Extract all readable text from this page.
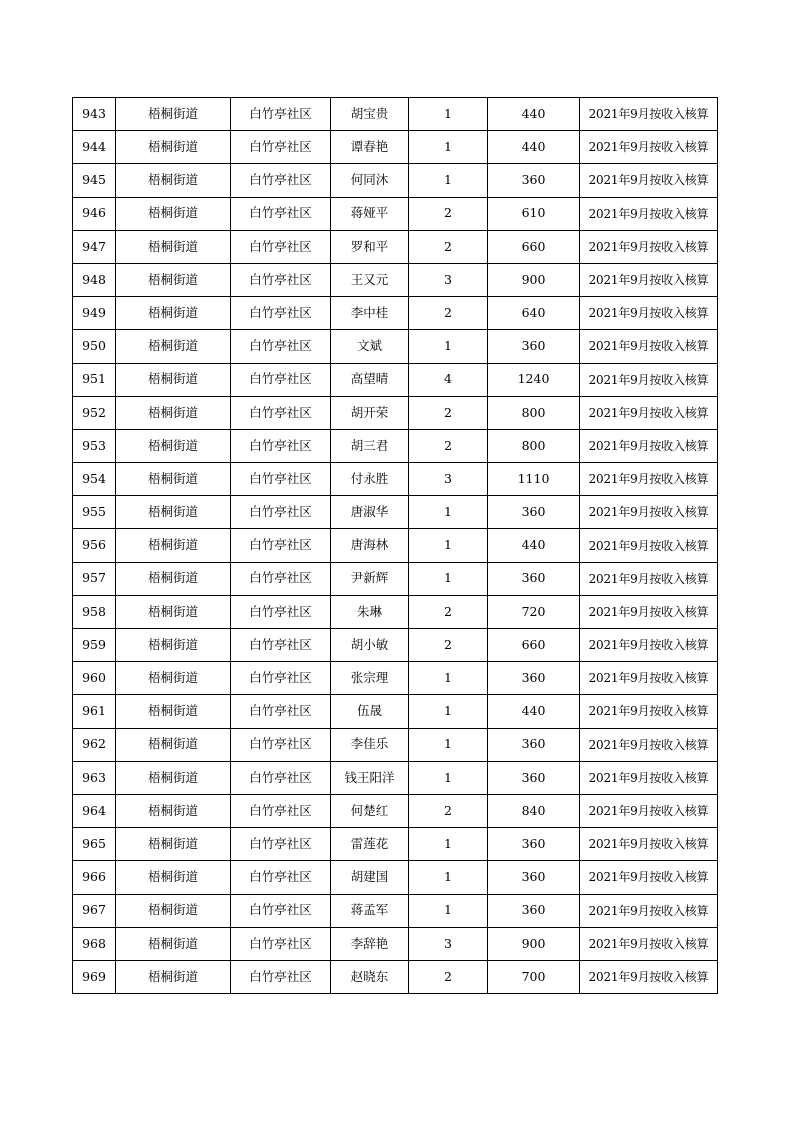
943	梧桐街道	白竹亭社区	胡宝贵	1	440	2021年9月按收入核算
944	梧桐街道	白竹亭社区	谭春艳	1	440	2021年9月按收入核算
945	梧桐街道	白竹亭社区	何同沐	1	360	2021年9月按收入核算
946	梧桐街道	白竹亭社区	蒋娅平	2	610	2021年9月按收入核算
947	梧桐街道	白竹亭社区	罗和平	2	660	2021年9月按收入核算
948	梧桐街道	白竹亭社区	王又元	3	900	2021年9月按收入核算
949	梧桐街道	白竹亭社区	李中桂	2	640	2021年9月按收入核算
950	梧桐街道	白竹亭社区	文斌	1	360	2021年9月按收入核算
951	梧桐街道	白竹亭社区	高望晴	4	1240	2021年9月按收入核算
952	梧桐街道	白竹亭社区	胡开荣	2	800	2021年9月按收入核算
953	梧桐街道	白竹亭社区	胡三君	2	800	2021年9月按收入核算
954	梧桐街道	白竹亭社区	付永胜	3	1110	2021年9月按收入核算
955	梧桐街道	白竹亭社区	唐淑华	1	360	2021年9月按收入核算
956	梧桐街道	白竹亭社区	唐海林	1	440	2021年9月按收入核算
957	梧桐街道	白竹亭社区	尹新辉	1	360	2021年9月按收入核算
958	梧桐街道	白竹亭社区	朱琳	2	720	2021年9月按收入核算
959	梧桐街道	白竹亭社区	胡小敏	2	660	2021年9月按收入核算
960	梧桐街道	白竹亭社区	张宗理	1	360	2021年9月按收入核算
961	梧桐街道	白竹亭社区	伍晟	1	440	2021年9月按收入核算
962	梧桐街道	白竹亭社区	李佳乐	1	360	2021年9月按收入核算
963	梧桐街道	白竹亭社区	钱王阳洋	1	360	2021年9月按收入核算
964	梧桐街道	白竹亭社区	何楚红	2	840	2021年9月按收入核算
965	梧桐街道	白竹亭社区	雷莲花	1	360	2021年9月按收入核算
966	梧桐街道	白竹亭社区	胡建国	1	360	2021年9月按收入核算
967	梧桐街道	白竹亭社区	蒋孟军	1	360	2021年9月按收入核算
968	梧桐街道	白竹亭社区	李辞艳	3	900	2021年9月按收入核算
969	梧桐街道	白竹亭社区	赵晓东	2	700	2021年9月按收入核算
